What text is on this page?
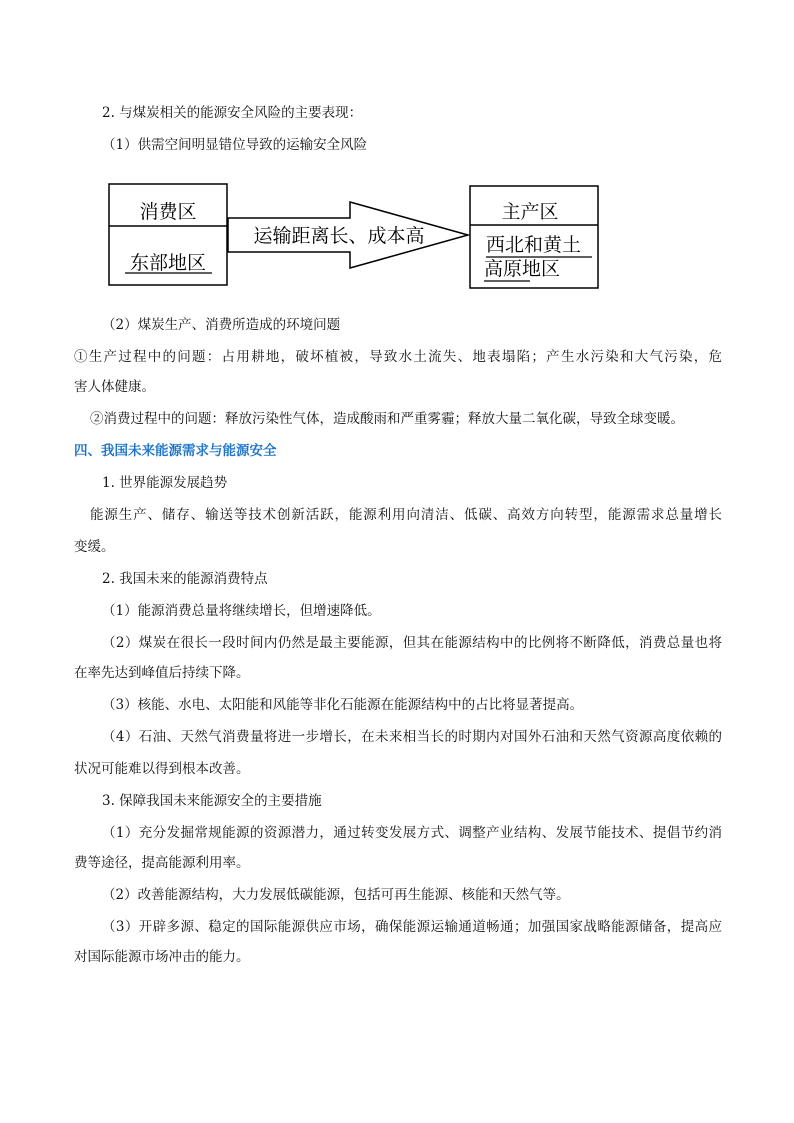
2. 与煤炭相关的能源安全风险的主要表现：
（1）供需空间明显错位导致的运输安全风险
消费区
东部地区
运输距离长、成本高
主产区
西北和黄土
高原地区
（2）煤炭生产、消费所造成的环境问题
①生产过程中的问题：占用耕地，破坏植被，导致水土流失、地表塌陷；产生水污染和大气污染，危
害人体健康。
②消费过程中的问题：释放污染性气体，造成酸雨和严重雾霾；释放大量二氧化碳，导致全球变暖。
四、我国未来能源需求与能源安全
1. 世界能源发展趋势
能源生产、储存、输送等技术创新活跃，能源利用向清洁、低碳、高效方向转型，能源需求总量增长
变缓。
2. 我国未来的能源消费特点
（1）能源消费总量将继续增长，但增速降低。
（2）煤炭在很长一段时间内仍然是最主要能源，但其在能源结构中的比例将不断降低，消费总量也将
在率先达到峰值后持续下降。
（3）核能、水电、太阳能和风能等非化石能源在能源结构中的占比将显著提高。
（4）石油、天然气消费量将进一步增长，在未来相当长的时期内对国外石油和天然气资源高度依赖的
状况可能难以得到根本改善。
3. 保障我国未来能源安全的主要措施
（1）充分发掘常规能源的资源潜力，通过转变发展方式、调整产业结构、发展节能技术、提倡节约消
费等途径，提高能源利用率。
（2）改善能源结构，大力发展低碳能源，包括可再生能源、核能和天然气等。
（3）开辟多源、稳定的国际能源供应市场，确保能源运输通道畅通；加强国家战略能源储备，提高应
对国际能源市场冲击的能力。
